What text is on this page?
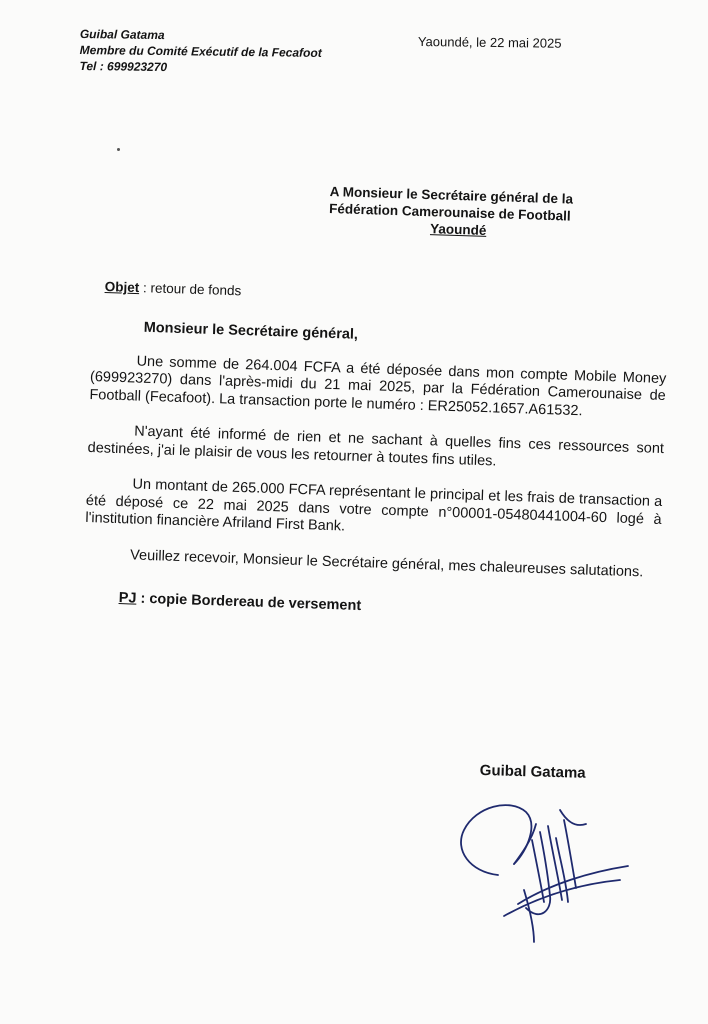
Guibal Gatama
Membre du Comité Exécutif de la Fecafoot
Tel : 699923270
Yaoundé, le 22 mai 2025
A Monsieur le Secrétaire général de la
Fédération Camerounaise de Football
Yaoundé
Objet : retour de fonds

Monsieur le Secrétaire général,

Une somme de 264.004 FCFA a été déposée dans mon compte Mobile Money (699923270) dans l'après-midi du 21 mai 2025, par la Fédération Camerounaise de Football (Fecafoot). La transaction porte le numéro : ER25052.1657.A61532.

N'ayant été informé de rien et ne sachant à quelles fins ces ressources sont destinées, j'ai le plaisir de vous les retourner à toutes fins utiles.

Un montant de 265.000 FCFA représentant le principal et les frais de transaction a été déposé ce 22 mai 2025 dans votre compte n°00001-05480441004-60 logé à l'institution financière Afriland First Bank.

Veuillez recevoir, Monsieur le Secrétaire général, mes chaleureuses salutations.

PJ : copie Bordereau de versement

Guibal Gatama
